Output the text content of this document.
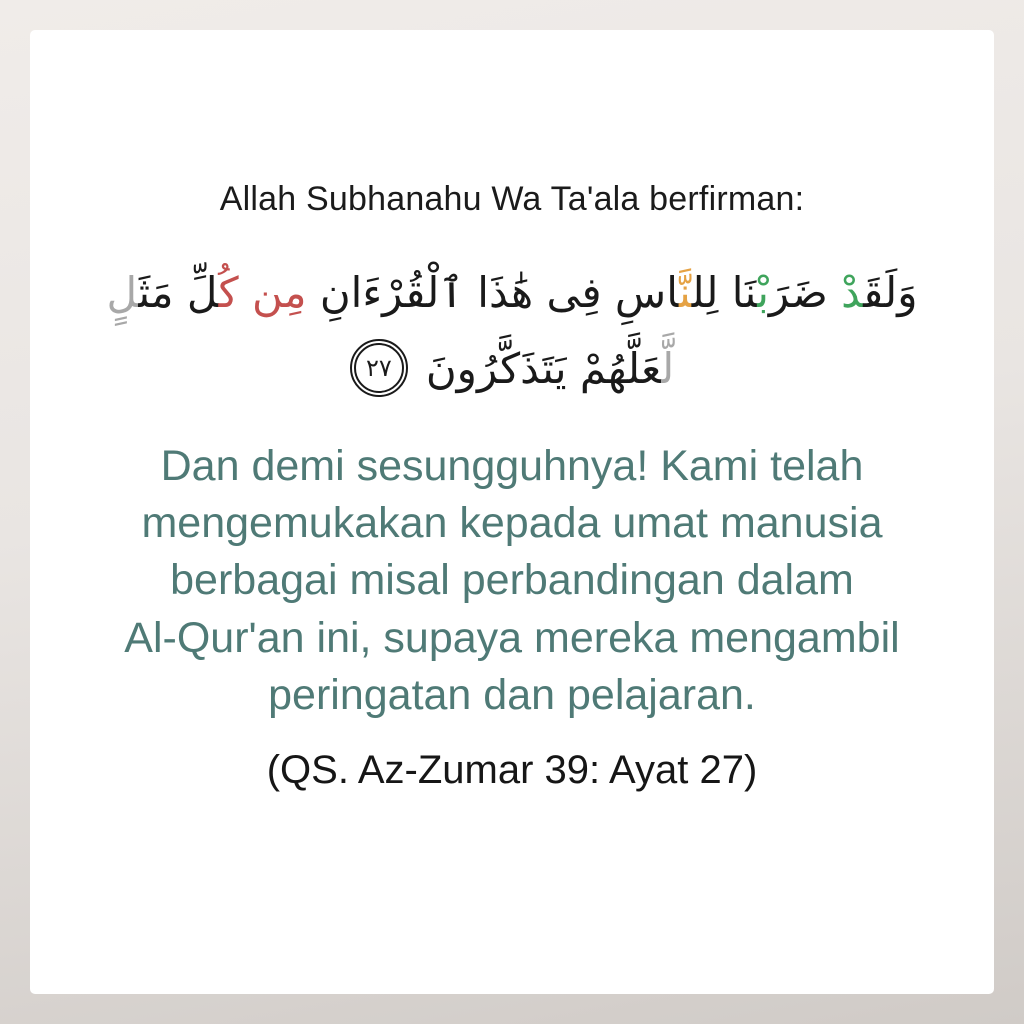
Allah Subhanahu Wa Ta'ala berfirman:
وَلَقَدْ ضَرَبْنَا لِلنَّاسِ فِى هَٰذَا ٱلْقُرْءَانِ مِن كُلِّ مَثَلٍ
لَّعَلَّهُمْ يَتَذَكَّرُونَ
٢٧
Dan demi sesungguhnya! Kami telah
mengemukakan kepada umat manusia
berbagai misal perbandingan dalam
Al-Qur'an ini, supaya mereka mengambil
peringatan dan pelajaran.
(QS. Az-Zumar 39: Ayat 27)
